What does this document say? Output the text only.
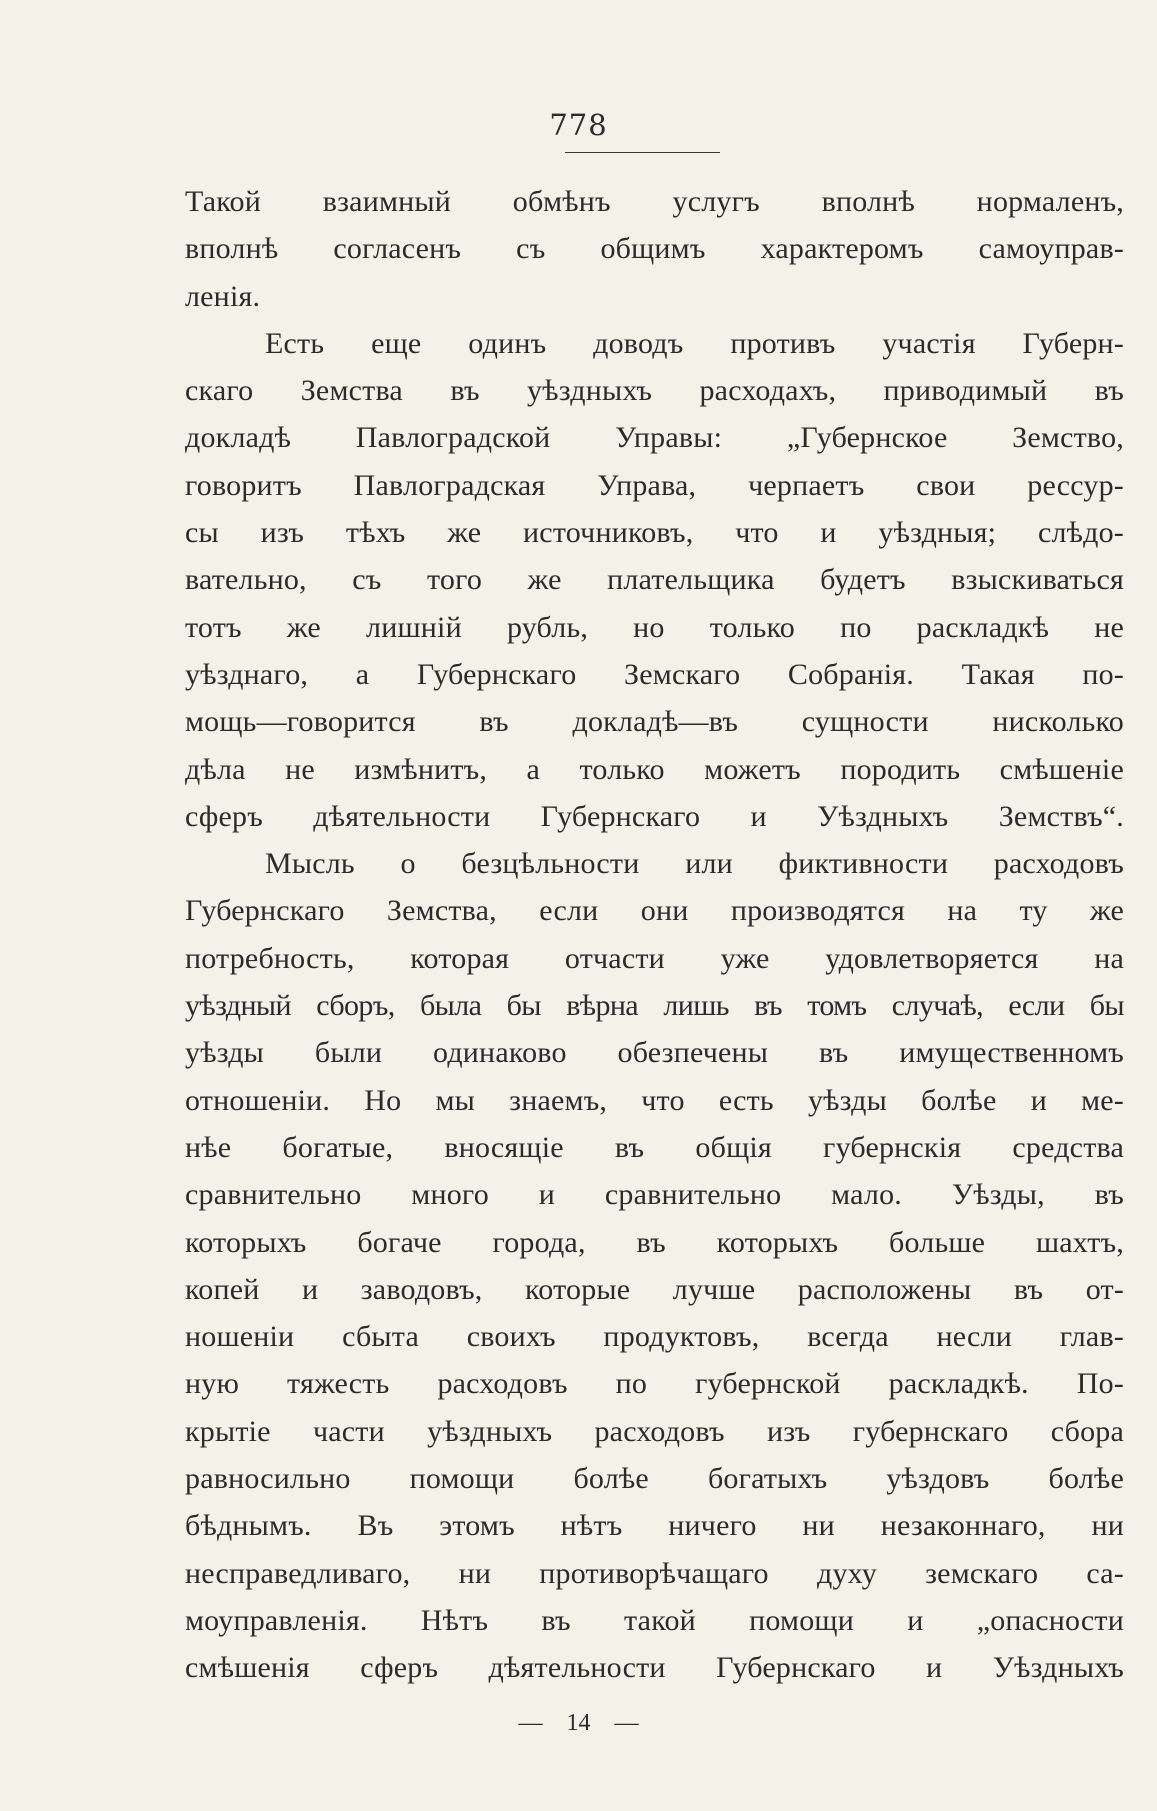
778
Такой взаимный обмѣнъ услугъ вполнѣ нормаленъ,
вполнѣ согласенъ съ общимъ характеромъ самоуправ-
ленія.
Есть еще одинъ доводъ противъ участія Губерн-
скаго Земства въ уѣздныхъ расходахъ, приводимый въ
докладѣ Павлоградской Управы: „Губернское Земство,
говоритъ Павлоградская Управа, черпаетъ свои рессур-
сы изъ тѣхъ же источниковъ, что и уѣздныя; слѣдо-
вательно, съ того же плательщика будетъ взыскиваться
тотъ же лишній рубль, но только по раскладкѣ не
уѣзднаго, а Губернскаго Земскаго Собранія. Такая по-
мощь—говорится въ докладѣ—въ сущности нисколько
дѣла не измѣнитъ, а только можетъ породить смѣшеніе
сферъ дѣятельности Губернскаго и Уѣздныхъ Земствъ“.
Мысль о безцѣльности или фиктивности расходовъ
Губернскаго Земства, если они производятся на ту же
потребность, которая отчасти уже удовлетворяется на
уѣздный сборъ, была бы вѣрна лишь въ томъ случаѣ, если бы
уѣзды были одинаково обезпечены въ имущественномъ
отношеніи. Но мы знаемъ, что есть уѣзды болѣе и ме-
нѣе богатые, вносящіе въ общія губернскія средства
сравнительно много и сравнительно мало. Уѣзды, въ
которыхъ богаче города, въ которыхъ больше шахтъ,
копей и заводовъ, которые лучше расположены въ от-
ношеніи сбыта своихъ продуктовъ, всегда несли глав-
ную тяжесть расходовъ по губернской раскладкѣ. По-
крытіе части уѣздныхъ расходовъ изъ губернскаго сбора
равносильно помощи болѣе богатыхъ уѣздовъ болѣе
бѣднымъ. Въ этомъ нѣтъ ничего ни незаконнаго, ни
несправедливаго, ни противорѣчащаго духу земскаго са-
моуправленія. Нѣтъ въ такой помощи и „опасности
смѣшенія сферъ дѣятельности Губернскаго и Уѣздныхъ
— 14 —
